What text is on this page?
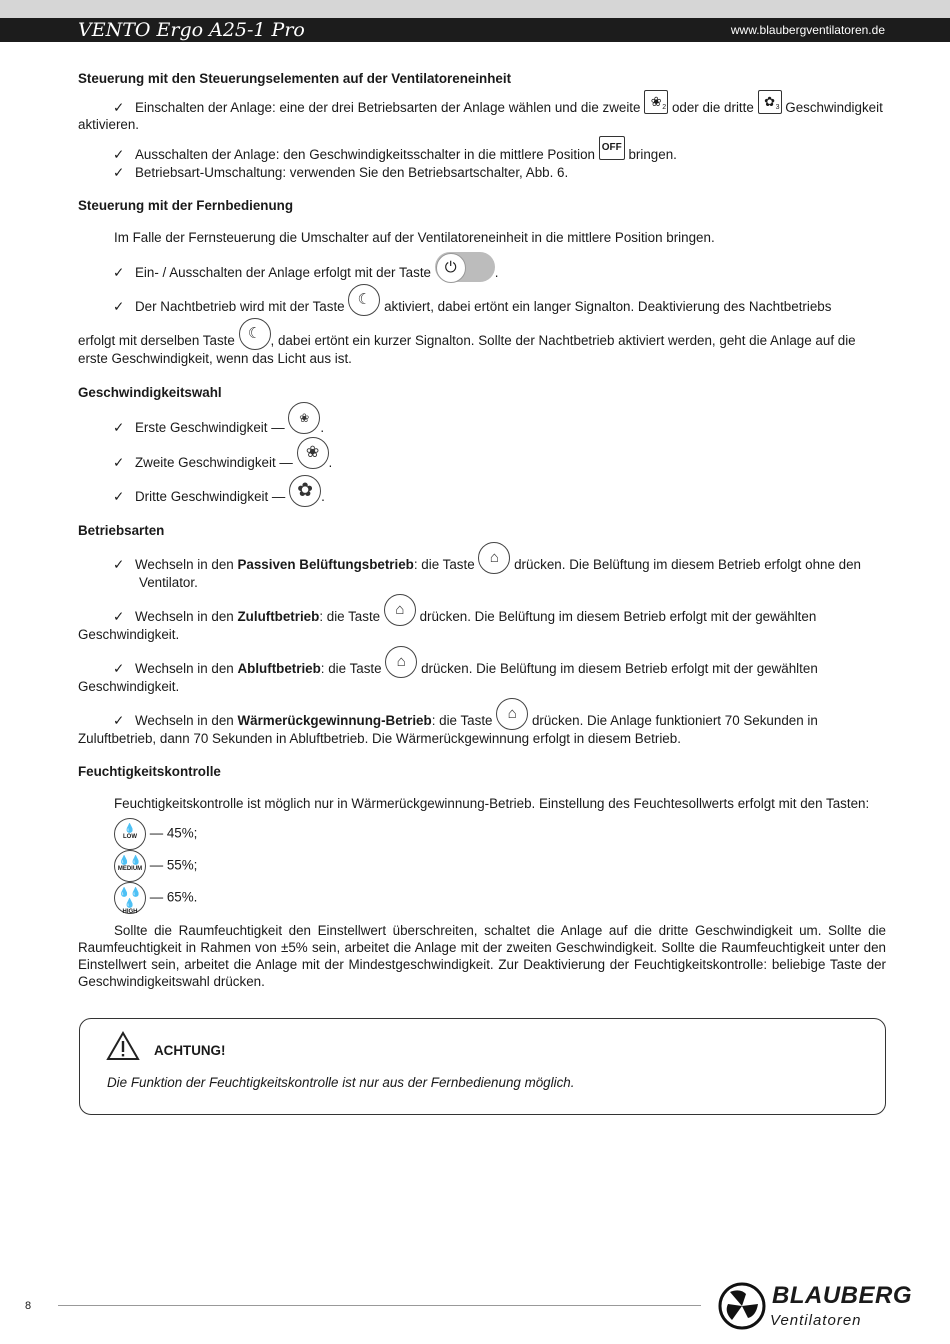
VENTO Ergo A25-1 Pro	www.blaubergventilatoren.de
Steuerung mit den Steuerungselementen auf der Ventilatoreneinheit
✓ Einschalten der Anlage: eine der drei Betriebsarten der Anlage wählen und die zweite ❀ 2 oder die dritte ✿ 3 Geschwindigkeit aktivieren.
✓ Ausschalten der Anlage: den Geschwindigkeitsschalter in die mittlere Position OFF bringen.
✓ Betriebsart-Umschaltung: verwenden Sie den Betriebsartschalter, Abb. 6.
Steuerung mit der Fernbedienung
Im Falle der Fernsteuerung die Umschalter auf der Ventilatoreneinheit in die mittlere Position bringen.
✓ Ein- / Ausschalten der Anlage erfolgt mit der Taste ⏻	.
✓ Der Nachtbetrieb wird mit der Taste ☾ aktiviert, dabei ertönt ein langer Signalton. Deaktivierung des Nachtbetriebs
erfolgt mit derselben Taste ☾ , dabei ertönt ein kurzer Signalton. Sollte der Nachtbetrieb aktiviert werden, geht die Anlage auf die
erste Geschwindigkeit, wenn das Licht aus ist.
Geschwindigkeitswahl
✓ Erste Geschwindigkeit — ❀.
✓ Zweite Geschwindigkeit — ❀.
✓ Dritte Geschwindigkeit — ✿ .
Betriebsarten
✓ Wechseln in den Passiven Belüftungsbetrieb: die Taste ⌂ drücken. Die Belüftung im diesem Betrieb erfolgt ohne den
Ventilator.
✓ Wechseln in den Zuluftbetrieb: die Taste ⌂ drücken. Die Belüftung im diesem Betrieb erfolgt mit der gewählten
Geschwindigkeit.
✓ Wechseln in den Abluftbetrieb: die Taste ⌂ drücken. Die Belüftung im diesem Betrieb erfolgt mit der gewählten
Geschwindigkeit.
✓ Wechseln in den Wärmerückgewinnung-Betrieb: die Taste ⌂ drücken. Die Anlage funktioniert 70 Sekunden in
Zuluftbetrieb, dann 70 Sekunden in Abluftbetrieb. Die Wärmerückgewinnung erfolgt in diesem Betrieb.
Feuchtigkeitskontrolle
Feuchtigkeitskontrolle ist möglich nur in Wärmerückgewinnung-Betrieb. Einstellung des Feuchtesollwerts erfolgt mit den Tasten:
💧
LOW — 45%;
💧💧
MEDIUM — 55%;
💧💧💧
HIGH
— 65%.
Sollte die Raumfeuchtigkeit den Einstellwert überschreiten, schaltet die Anlage auf die dritte Geschwindigkeit um. Sollte die Raumfeuchtigkeit in Rahmen von ±5% sein, arbeitet die Anlage mit der zweiten Geschwindigkeit. Sollte die Raumfeuchtigkeit unter den Einstellwert sein, arbeitet die Anlage mit der Mindestgeschwindigkeit. Zur Deaktivierung der Feuchtigkeitskontrolle: beliebige Taste der Geschwindigkeitswahl drücken.
ACHTUNG!
Die Funktion der Feuchtigkeitskontrolle ist nur aus der Fernbedienung möglich.
8	BLAUBERG
Ventilatoren
